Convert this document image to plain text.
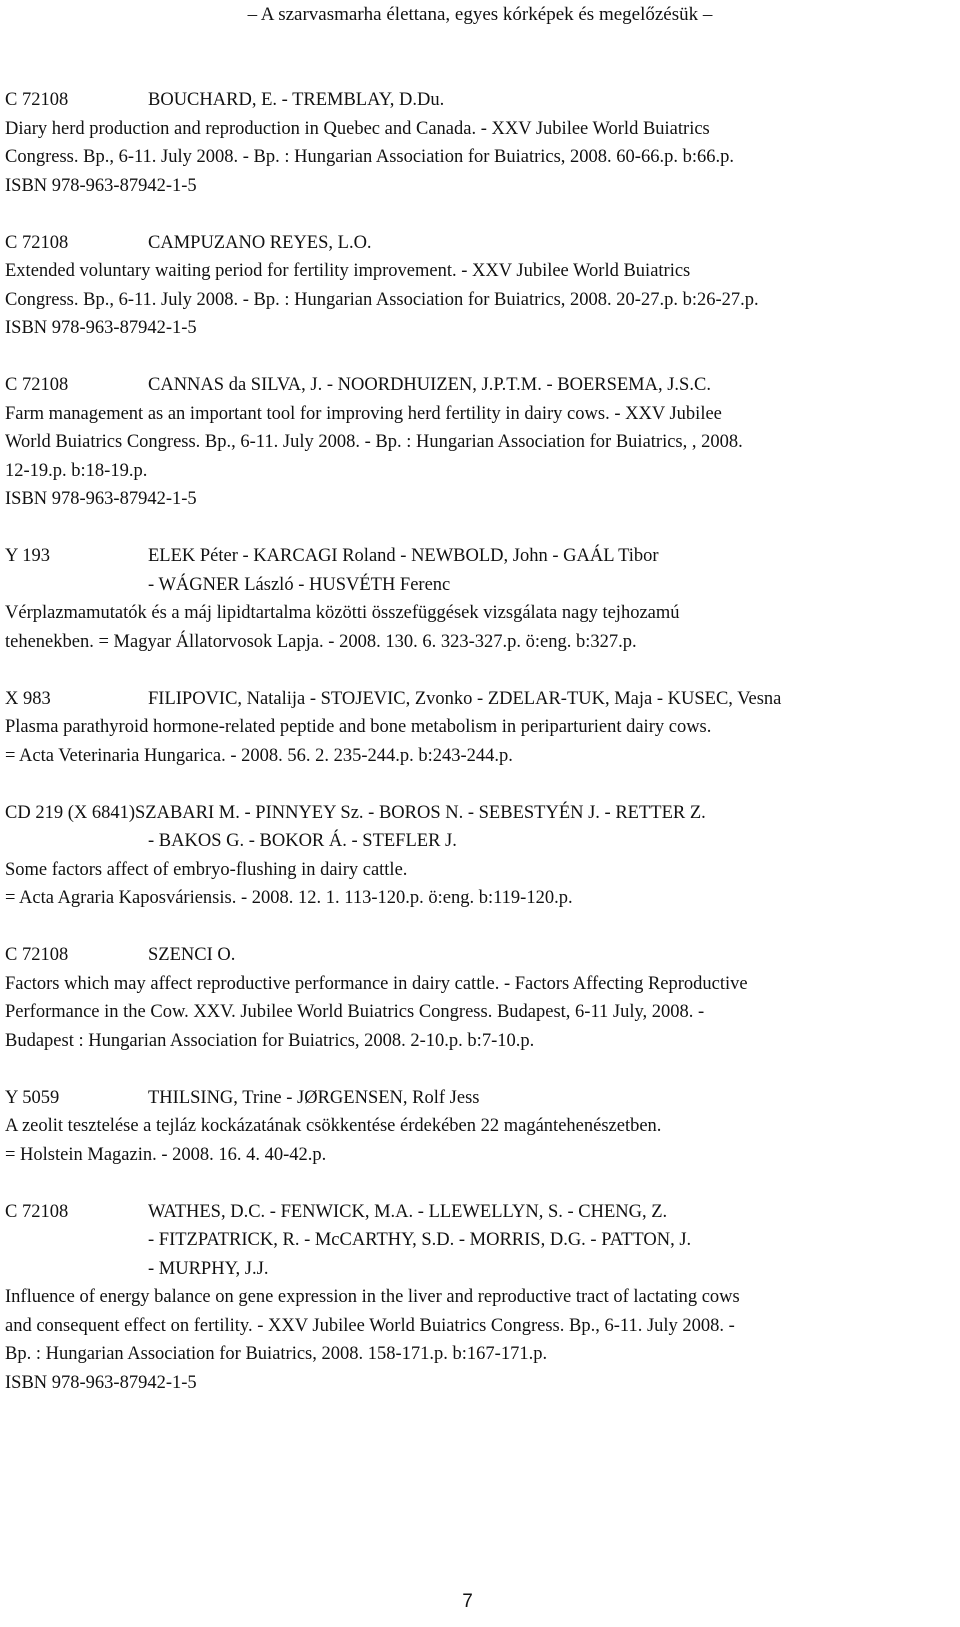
– A szarvasmarha élettana, egyes kórképek és megelőzésük –
C 72108	BOUCHARD, E. - TREMBLAY, D.Du.
Diary herd production and reproduction in Quebec and Canada. - XXV Jubilee World Buiatrics
Congress. Bp., 6-11. July 2008. - Bp. : Hungarian Association for Buiatrics, 2008. 60-66.p. b:66.p.
ISBN 978-963-87942-1-5
C 72108	CAMPUZANO REYES, L.O.
Extended voluntary waiting period for fertility improvement. - XXV Jubilee World Buiatrics
Congress. Bp., 6-11. July 2008. - Bp. : Hungarian Association for Buiatrics, 2008. 20-27.p. b:26-27.p.
ISBN 978-963-87942-1-5
C 72108	CANNAS da SILVA, J. - NOORDHUIZEN, J.P.T.M. - BOERSEMA, J.S.C.
Farm management as an important tool for improving herd fertility in dairy cows. - XXV Jubilee
World Buiatrics Congress. Bp., 6-11. July 2008. - Bp. : Hungarian Association for Buiatrics, , 2008.
12-19.p. b:18-19.p.
ISBN 978-963-87942-1-5
Y 193	ELEK Péter - KARCAGI Roland - NEWBOLD, John - GAÁL Tibor
- WÁGNER László - HUSVÉTH Ferenc
Vérplazmamutatók és a máj lipidtartalma közötti összefüggések vizsgálata nagy tejhozamú
tehenekben. = Magyar Állatorvosok Lapja. - 2008. 130. 6. 323-327.p. ö:eng. b:327.p.
X 983	FILIPOVIC, Natalija - STOJEVIC, Zvonko - ZDELAR-TUK, Maja - KUSEC, Vesna
Plasma parathyroid hormone-related peptide and bone metabolism in periparturient dairy cows.
= Acta Veterinaria Hungarica. - 2008. 56. 2. 235-244.p. b:243-244.p.
CD 219 (X 6841) SZABARI M. - PINNYEY Sz. - BOROS N. - SEBESTYÉN J. - RETTER Z.
- BAKOS G. - BOKOR Á. - STEFLER J.
Some factors affect of embryo-flushing in dairy cattle.
= Acta Agraria Kaposváriensis. - 2008. 12. 1. 113-120.p. ö:eng. b:119-120.p.
C 72108	SZENCI O.
Factors which may affect reproductive performance in dairy cattle. - Factors Affecting Reproductive
Performance in the Cow. XXV. Jubilee World Buiatrics Congress. Budapest, 6-11 July, 2008. -
Budapest : Hungarian Association for Buiatrics, 2008. 2-10.p. b:7-10.p.
Y 5059	THILSING, Trine - JØRGENSEN, Rolf Jess
A zeolit tesztelése a tejláz kockázatának csökkentése érdekében 22 magántehenészetben.
= Holstein Magazin. - 2008. 16. 4. 40-42.p.
C 72108	WATHES, D.C. - FENWICK, M.A. - LLEWELLYN, S. - CHENG, Z.
- FITZPATRICK, R. - McCARTHY, S.D. - MORRIS, D.G. - PATTON, J.
- MURPHY, J.J.
Influence of energy balance on gene expression in the liver and reproductive tract of lactating cows
and consequent effect on fertility. - XXV Jubilee World Buiatrics Congress. Bp., 6-11. July 2008. -
Bp. : Hungarian Association for Buiatrics, 2008. 158-171.p. b:167-171.p.
ISBN 978-963-87942-1-5
7
